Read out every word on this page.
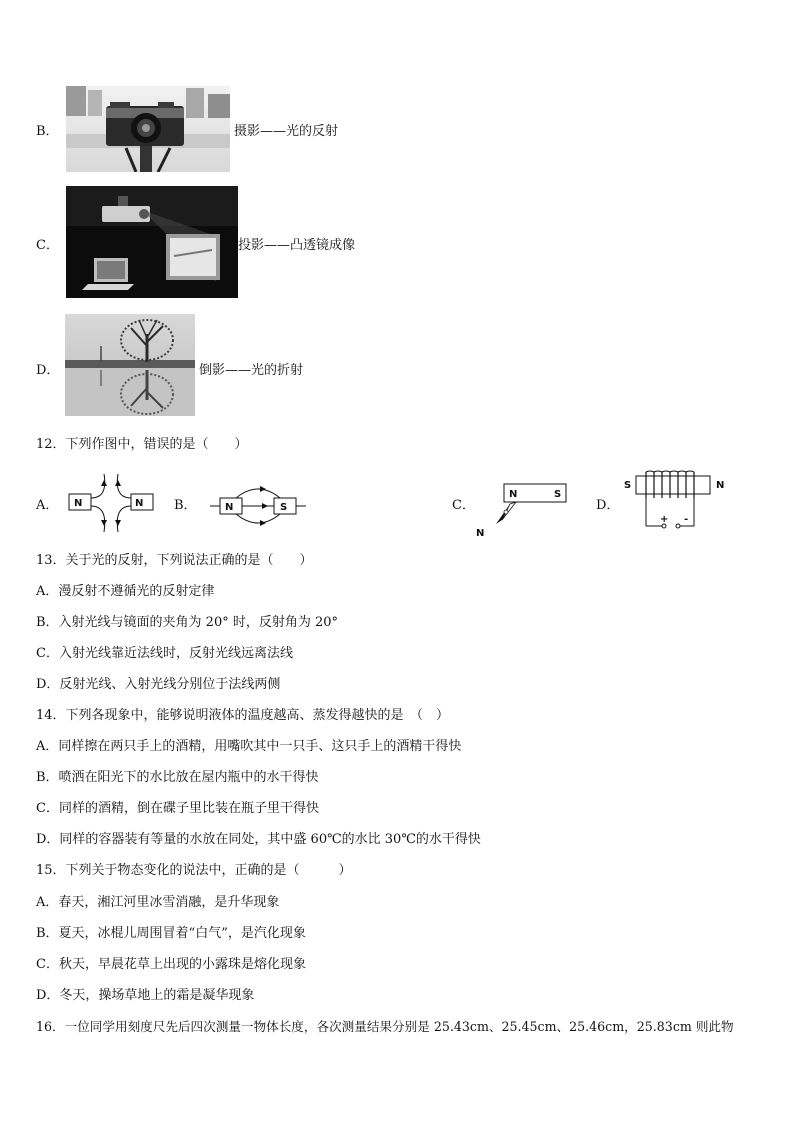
B．	摄影——光的反射
C．	投影——凸透镜成像
D．	倒影——光的折射
12．下列作图中，错误的是（　　）
A． N	N B．	N	S	C．
N	S
N
D．
S	N
+ -
13．关于光的反射，下列说法正确的是（　　）
A．漫反射不遵循光的反射定律
B．入射光线与镜面的夹角为 20° 时，反射角为 20°
C．入射光线靠近法线时，反射光线远离法线
D．反射光线、入射光线分别位于法线两侧
14．下列各现象中，能够说明液体的温度越高、蒸发得越快的是　（　）
A．同样擦在两只手上的酒精，用嘴吹其中一只手、这只手上的酒精干得快
B．喷洒在阳光下的水比放在屋内瓶中的水干得快
C．同样的酒精，倒在碟子里比装在瓶子里干得快
D．同样的容器装有等量的水放在同处，其中盛 60℃的水比 30℃的水干得快
15．下列关于物态变化的说法中，正确的是（　　　）
A．春天，湘江河里冰雪消融，是升华现象
B．夏天，冰棍儿周围冒着“白气”，是汽化现象
C．秋天，早晨花草上出现的小露珠是熔化现象
D．冬天，操场草地上的霜是凝华现象
16．一位同学用刻度尺先后四次测量一物体长度，各次测量结果分别是 25.43cm、25.45cm、25.46cm，25.83cm 则此物
